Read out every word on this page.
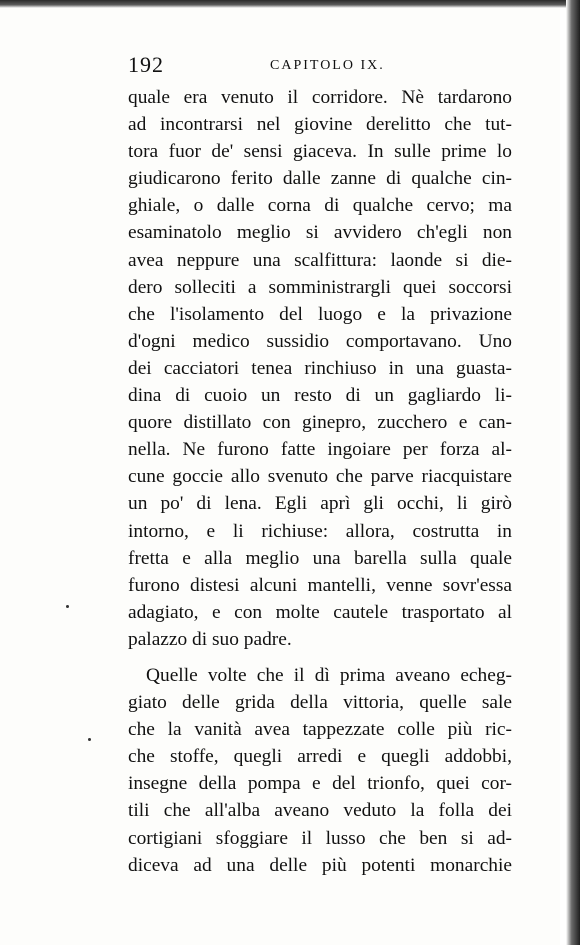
192	CAPITOLO IX.
quale era venuto il corridore. Nè tardarono
ad incontrarsi nel giovine derelitto che tut-
tora fuor de' sensi giaceva. In sulle prime lo
giudicarono ferito dalle zanne di qualche cin-
ghiale, o dalle corna di qualche cervo; ma
esaminatolo meglio si avvidero ch'egli non
avea neppure una scalfittura: laonde si die-
dero solleciti a somministrargli quei soccorsi
che l'isolamento del luogo e la privazione
d'ogni medico sussidio comportavano. Uno
dei cacciatori tenea rinchiuso in una guasta-
dina di cuoio un resto di un gagliardo li-
quore distillato con ginepro, zucchero e can-
nella. Ne furono fatte ingoiare per forza al-
cune goccie allo svenuto che parve riacquistare
un po' di lena. Egli aprì gli occhi, li girò
intorno, e li richiuse: allora, costrutta in
fretta e alla meglio una barella sulla quale
furono distesi alcuni mantelli, venne sovr'essa
adagiato, e con molte cautele trasportato al
palazzo di suo padre.
Quelle volte che il dì prima aveano echeg-
giato delle grida della vittoria, quelle sale
che la vanità avea tappezzate colle più ric-
che stoffe, quegli arredi e quegli addobbi,
insegne della pompa e del trionfo, quei cor-
tili che all'alba aveano veduto la folla dei
cortigiani sfoggiare il lusso che ben si ad-
diceva ad una delle più potenti monarchie
